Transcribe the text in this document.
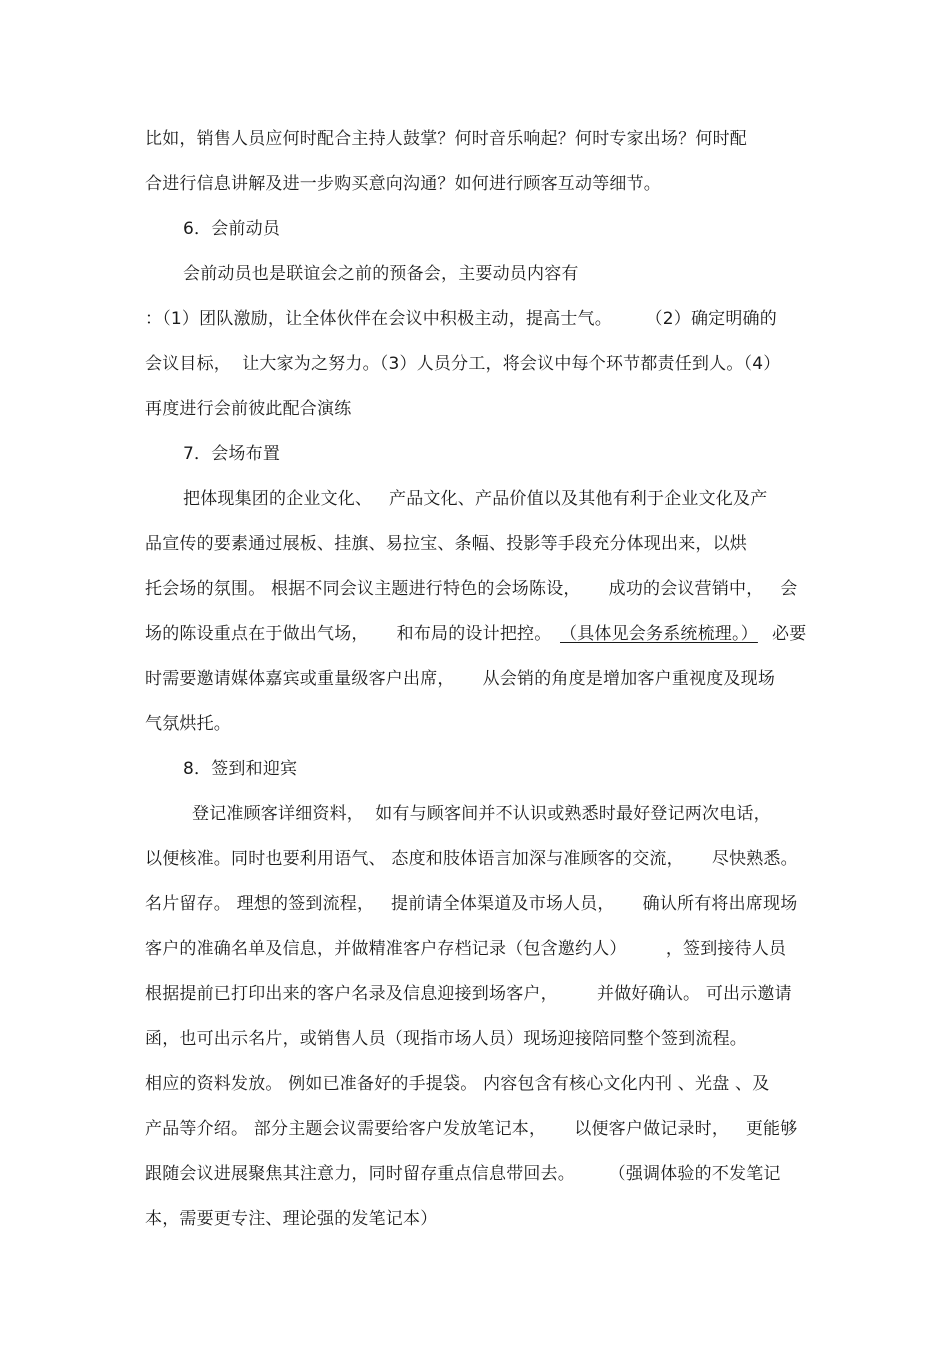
比如，销售人员应何时配合主持人鼓掌？何时音乐响起？何时专家出场？何时配
合进行信息讲解及进一步购买意向沟通？如何进行顾客互动等细节。
6．会前动员
会前动员也是联谊会之前的预备会，主要动员内容有
：（1）团队激励，让全体伙伴在会议中积极主动，提高士气。      （2）确定明确的
会议目标，  让大家为之努力。（3）人员分工，将会议中每个环节都责任到人。（4）
再度进行会前彼此配合演练
7．会场布置
把体现集团的企业文化、   产品文化、产品价值以及其他有利于企业文化及产
品宣传的要素通过展板、挂旗、易拉宝、条幅、投影等手段充分体现出来，以烘
托会场的氛围。 根据不同会议主题进行特色的会场陈设，     成功的会议营销中，   会
场的陈设重点在于做出气场，     和布局的设计把控。 （具体见会务系统梳理。） 必要
时需要邀请媒体嘉宾或重量级客户出席，     从会销的角度是增加客户重视度及现场
气氛烘托。
8．签到和迎宾
登记准顾客详细资料，  如有与顾客间并不认识或熟悉时最好登记两次电话，
以便核准。同时也要利用语气、 态度和肢体语言加深与准顾客的交流，     尽快熟悉。
名片留存。 理想的签到流程，   提前请全体渠道及市场人员，     确认所有将出席现场
客户的准确名单及信息，并做精准客户存档记录（包含邀约人）       ，签到接待人员
根据提前已打印出来的客户名录及信息迎接到场客户，       并做好确认。 可出示邀请
函，也可出示名片，或销售人员（现指市场人员）现场迎接陪同整个签到流程。
相应的资料发放。 例如已准备好的手提袋。 内容包含有核心文化内刊 、光盘 、及
产品等介绍。 部分主题会议需要给客户发放笔记本，     以便客户做记录时，   更能够
跟随会议进展聚焦其注意力，同时留存重点信息带回去。      （强调体验的不发笔记
本，需要更专注、理论强的发笔记本）
